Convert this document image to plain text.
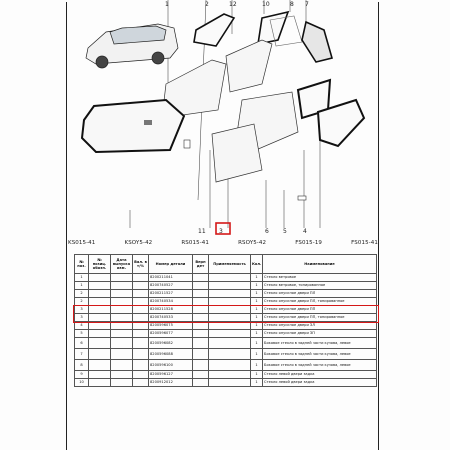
1	2	12	10	8 7
11 3	6 5	4
KS015-41	KSOY5-42	RS015-41	RSOY5-42	FS015-19	FS015-41
№ поз.	№ позиц. обозн.	Дата выпуска изм.	Вал. в т/%	Номер детали	Верн дет	Применяемость	Кол.	Наименование
1				8200211041			1	Стекло ветровое
1				8200740527			1	Стекло ветровое, тонированное
2				8200211527			1	Стекло опускное двери ПЛ
2				8200740534			1	Стекло опускное двери ПЛ, тонированное
3				8200211528			1	Стекло опускное двери ПП
3				8200740533			1	Стекло опускное двери ПП, тонированное
4				8200596075			1	Стекло опускное двери ЗЛ
5				8200596077			1	Стекло опускное двери ЗП
6				8200596082			1	Боковое стекло в задней части кузова, левое
7				8200596088			1	Боковое стекло в задней части кузова, левое
8				8200596100			1	Боковое стекло в задней части кузова, левое
9				8200596127			1	Стекло левой двери задка
10				8200912012			1	Стекло левой двери задка
